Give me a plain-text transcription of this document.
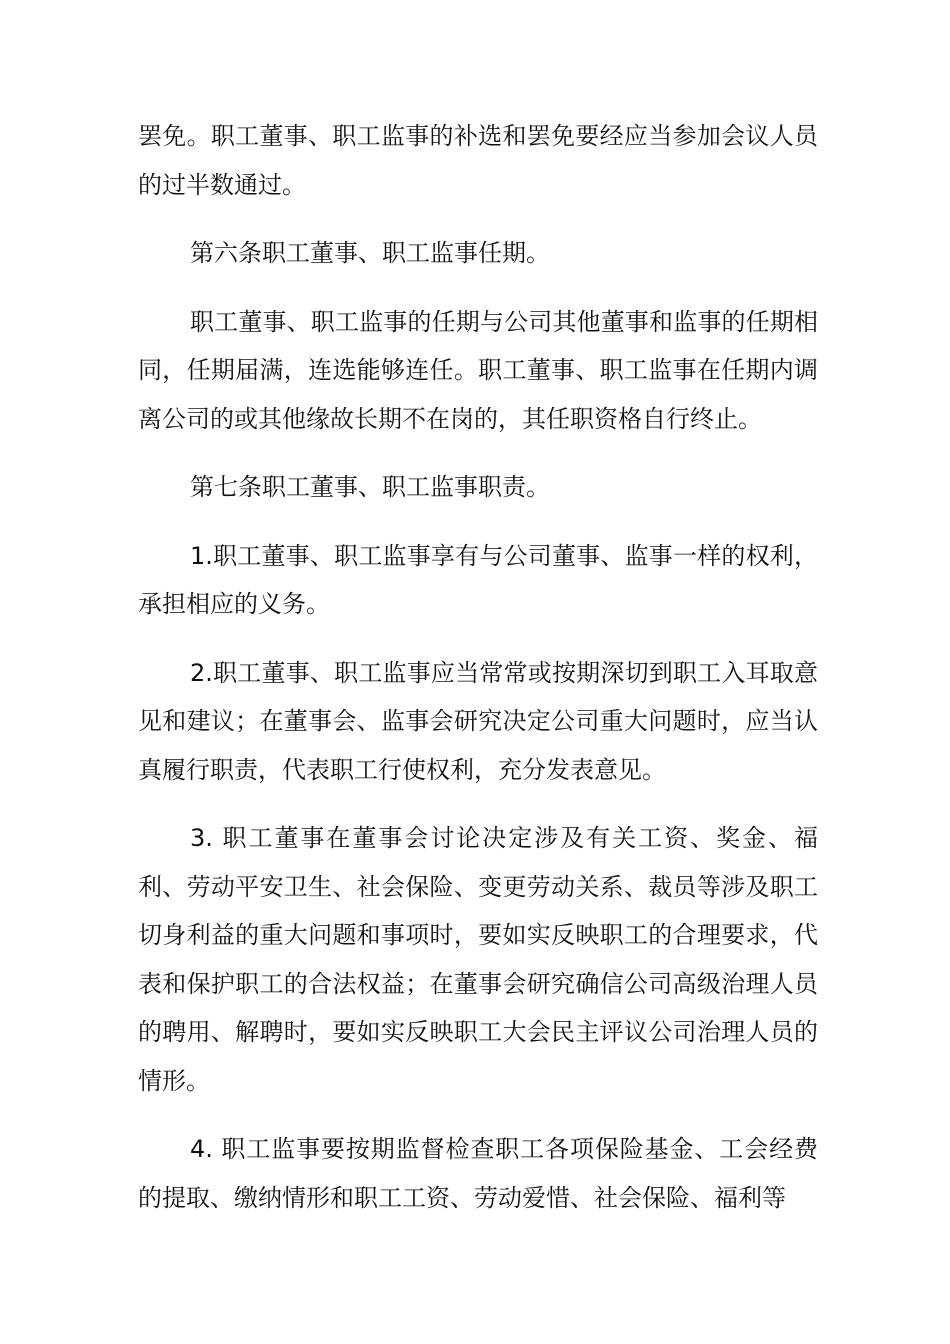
罢免。职工董事、职工监事的补选和罢免要经应当参加会议人员的过半数通过。

第六条职工董事、职工监事任期。

职工董事、职工监事的任期与公司其他董事和监事的任期相同，任期届满，连选能够连任。职工董事、职工监事在任期内调离公司的或其他缘故长期不在岗的，其任职资格自行终止。

第七条职工董事、职工监事职责。

1.职工董事、职工监事享有与公司董事、监事一样的权利，承担相应的义务。

2.职工董事、职工监事应当常常或按期深切到职工入耳取意见和建议；在董事会、监事会研究决定公司重大问题时，应当认真履行职责，代表职工行使权利，充分发表意见。

3. 职工董事在董事会讨论决定涉及有关工资、奖金、福利、劳动平安卫生、社会保险、变更劳动关系、裁员等涉及职工切身利益的重大问题和事项时，要如实反映职工的合理要求，代表和保护职工的合法权益；在董事会研究确信公司高级治理人员的聘用、解聘时，要如实反映职工大会民主评议公司治理人员的情形。

4. 职工监事要按期监督检查职工各项保险基金、工会经费的提取、缴纳情形和职工工资、劳动爱惜、社会保险、福利等
